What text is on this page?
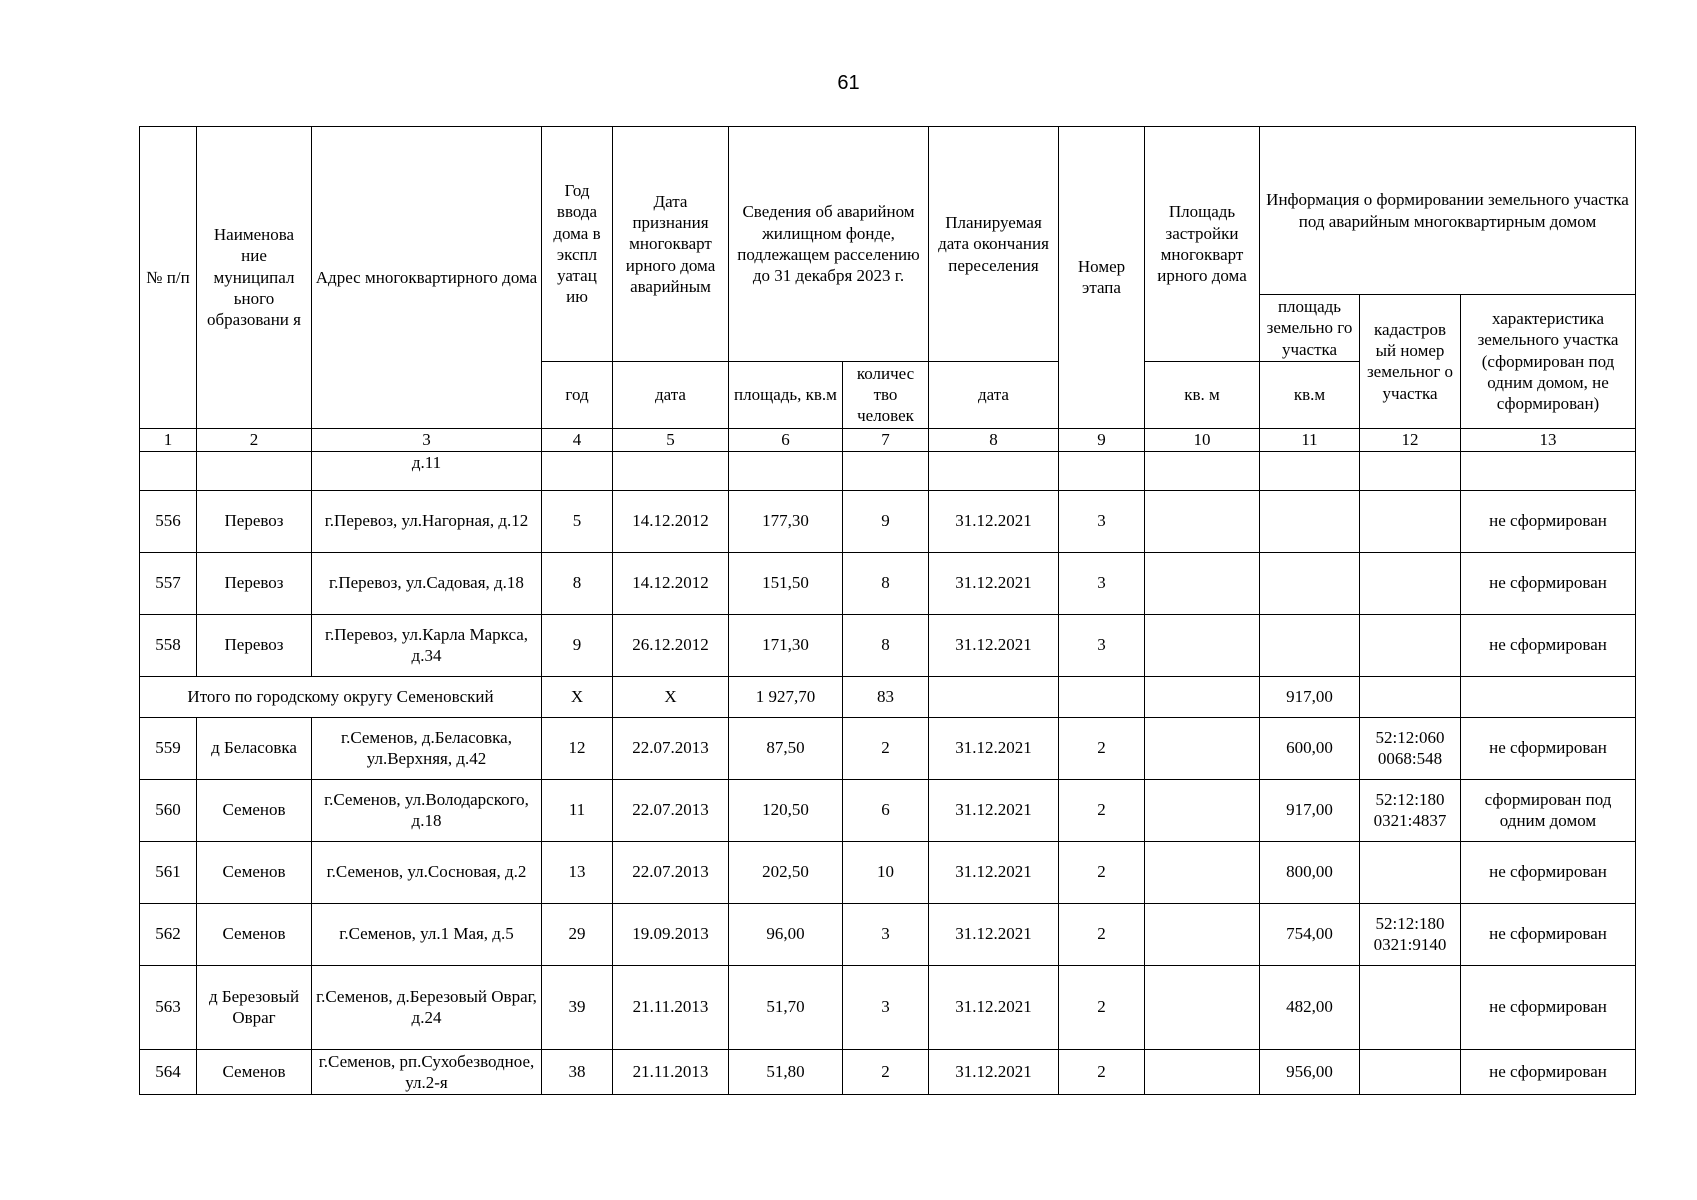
61
№ п/п	Наименова ние муниципал ьного образовани я	Адрес многоквартирного дома	Год ввода дома в экспл уатац ию	Дата признания многокварт ирного дома аварийным	Сведения об аварийном жилищном фонде, подлежащем расселению до 31 декабря 2023 г.		Планируемая дата окончания переселения	Номер этапа	Площадь застройки многокварт ирного дома	Информация о формировании земельного участка под аварийным многоквартирным домом		
										площадь земельно го участка	кадастров ый номер земельног о участка	характеристика земельного участка (сформирован под одним домом, не сформирован)
			год	дата	площадь, кв.м	количес тво человек	дата		кв. м	кв.м		
1	2	3	4	5	6	7	8	9	10	11	12	13
		д.11										
556	Перевоз	г.Перевоз, ул.Нагорная, д.12	5	14.12.2012	177,30	9	31.12.2021	3				не сформирован
557	Перевоз	г.Перевоз, ул.Садовая, д.18	8	14.12.2012	151,50	8	31.12.2021	3				не сформирован
558	Перевоз	г.Перевоз, ул.Карла Маркса, д.34	9	26.12.2012	171,30	8	31.12.2021	3				не сформирован
Итого по городскому округу Семеновский			Х	Х	1 927,70	83				917,00		
559	д Беласовка	г.Семенов, д.Беласовка, ул.Верхняя, д.42	12	22.07.2013	87,50	2	31.12.2021	2		600,00	52:12:060 0068:548	не сформирован
560	Семенов	г.Семенов, ул.Володарского, д.18	11	22.07.2013	120,50	6	31.12.2021	2		917,00	52:12:180 0321:4837	сформирован под одним домом
561	Семенов	г.Семенов, ул.Сосновая, д.2	13	22.07.2013	202,50	10	31.12.2021	2		800,00		не сформирован
562	Семенов	г.Семенов, ул.1 Мая, д.5	29	19.09.2013	96,00	3	31.12.2021	2		754,00	52:12:180 0321:9140	не сформирован
563	д Березовый Овраг	г.Семенов, д.Березовый Овраг, д.24	39	21.11.2013	51,70	3	31.12.2021	2		482,00		не сформирован
564	Семенов	г.Семенов, рп.Сухобезводное, ул.2-я	38	21.11.2013	51,80	2	31.12.2021	2		956,00		не сформирован
